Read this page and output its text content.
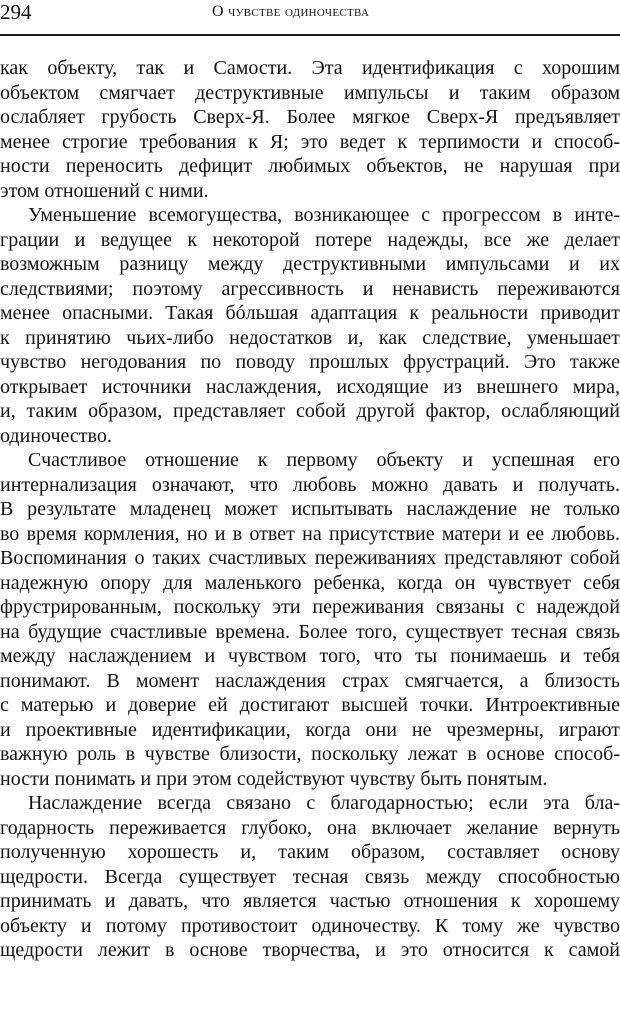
294	О чувстве одиночества
как объекту, так и Самости. Эта идентификация с хорошим
объектом смягчает деструктивные импульсы и таким образом
ослабляет грубость Сверх-Я. Более мягкое Сверх-Я предъявляет
менее строгие требования к Я; это ведет к терпимости и способ-
ности переносить дефицит любимых объектов, не нарушая при
этом отношений с ними.
Уменьшение всемогущества, возникающее с прогрессом в инте-
грации и ведущее к некоторой потере надежды, все же делает
возможным разницу между деструктивными импульсами и их
следствиями; поэтому агрессивность и ненависть переживаются
менее опасными. Такая бóльшая адаптация к реальности приводит
к принятию чьих-либо недостатков и, как следствие, уменьшает
чувство негодования по поводу прошлых фрустраций. Это также
открывает источники наслаждения, исходящие из внешнего мира,
и, таким образом, представляет собой другой фактор, ослабляющий
одиночество.
Счастливое отношение к первому объекту и успешная его
интернализация означают, что любовь можно давать и получать.
В результате младенец может испытывать наслаждение не только
во время кормления, но и в ответ на присутствие матери и ее любовь.
Воспоминания о таких счастливых переживаниях представляют собой
надежную опору для маленького ребенка, когда он чувствует себя
фрустрированным, поскольку эти переживания связаны с надеждой
на будущие счастливые времена. Более того, существует тесная связь
между наслаждением и чувством того, что ты понимаешь и тебя
понимают. В момент наслаждения страх смягчается, а близость
с матерью и доверие ей достигают высшей точки. Интроективные
и проективные идентификации, когда они не чрезмерны, играют
важную роль в чувстве близости, поскольку лежат в основе способ-
ности понимать и при этом содействуют чувству быть понятым.
Наслаждение всегда связано с благодарностью; если эта бла-
годарность переживается глубоко, она включает желание вернуть
полученную хорошесть и, таким образом, составляет основу
щедрости. Всегда существует тесная связь между способностью
принимать и давать, что является частью отношения к хорошему
объекту и потому противостоит одиночеству. К тому же чувство
щедрости лежит в основе творчества, и это относится к самой
